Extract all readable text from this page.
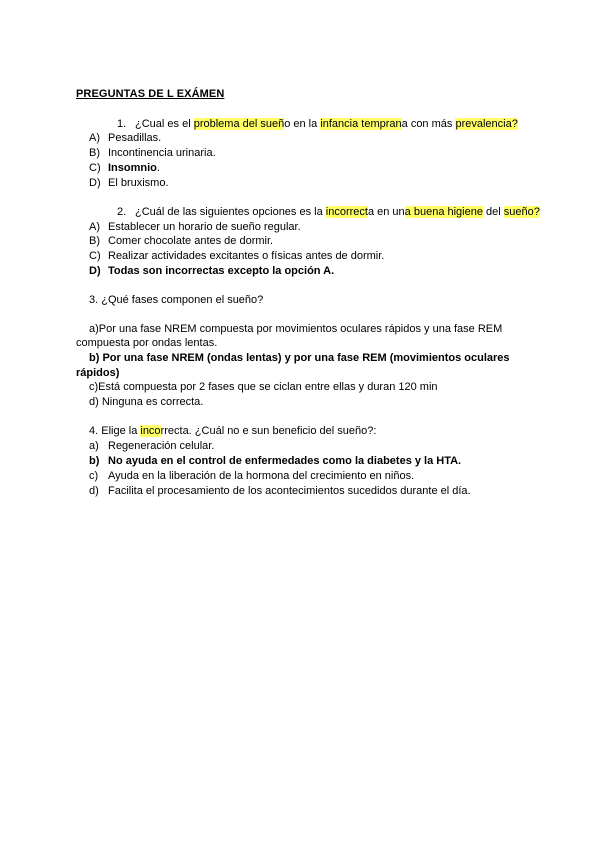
PREGUNTAS DE L EXÁMEN
1. ¿Cual es el problema del sueño en la infancia temprana con más prevalencia?
A) Pesadillas.
B) Incontinencia urinaria.
C) Insomnio.
D) El bruxismo.
2. ¿Cuál de las siguientes opciones es la incorrecta en una buena higiene del sueño?
A) Establecer un horario de sueño regular.
B) Comer chocolate antes de dormir.
C) Realizar actividades excitantes o físicas antes de dormir.
D) Todas son incorrectas excepto la opción A.
3. ¿Qué fases componen el sueño?
a)Por una fase NREM compuesta por movimientos oculares rápidos y una fase REM
compuesta por ondas lentas.
b) Por una fase NREM (ondas lentas) y por una fase REM (movimientos oculares
rápidos)
c)Está compuesta por 2 fases que se ciclan entre ellas y duran 120 min
d) Ninguna es correcta.
4. Elige la incorrecta. ¿Cuál no e sun beneficio del sueño?:
a) Regeneración celular.
b) No ayuda en el control de enfermedades como la diabetes y la HTA.
c) Ayuda en la liberación de la hormona del crecimiento en niños.
d) Facilita el procesamiento de los acontecimientos sucedidos durante el día.
